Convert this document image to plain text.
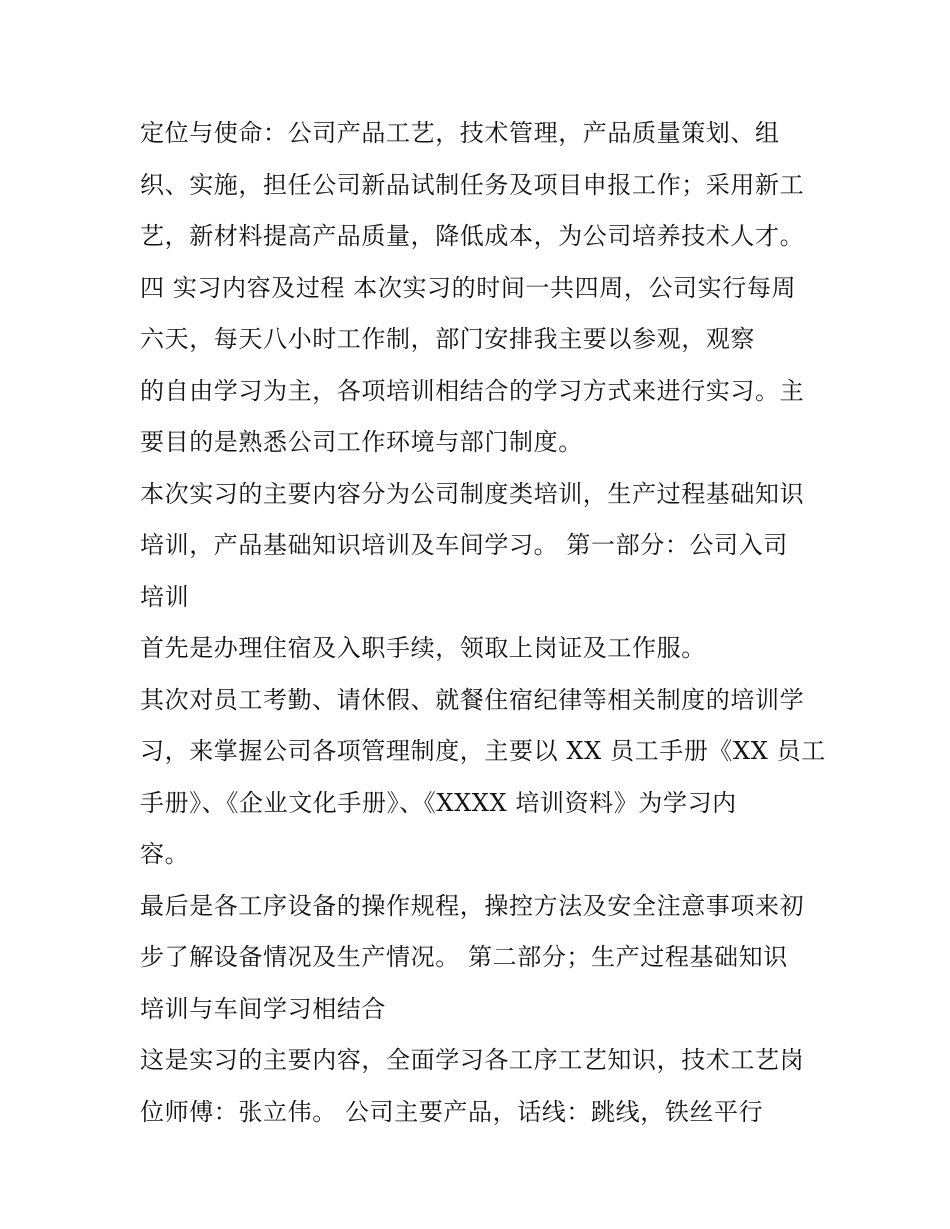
定位与使命：公司产品工艺，技术管理，产品质量策划、组
织、实施，担任公司新品试制任务及项目申报工作；采用新工
艺，新材料提高产品质量，降低成本，为公司培养技术人才。
四 实习内容及过程 本次实习的时间一共四周，公司实行每周
六天，每天八小时工作制，部门安排我主要以参观，观察
的自由学习为主，各项培训相结合的学习方式来进行实习。主
要目的是熟悉公司工作环境与部门制度。
本次实习的主要内容分为公司制度类培训，生产过程基础知识
培训，产品基础知识培训及车间学习。 第一部分：公司入司
培训
首先是办理住宿及入职手续，领取上岗证及工作服。
其次对员工考勤、请休假、就餐住宿纪律等相关制度的培训学
习，来掌握公司各项管理制度，主要以 XX 员工手册《XX 员工
手册》、《企业文化手册》、《XXXX 培训资料》为学习内
容。
最后是各工序设备的操作规程，操控方法及安全注意事项来初
步了解设备情况及生产情况。 第二部分；生产过程基础知识
培训与车间学习相结合
这是实习的主要内容，全面学习各工序工艺知识，技术工艺岗
位师傅：张立伟。 公司主要产品，话线：跳线，铁丝平行
